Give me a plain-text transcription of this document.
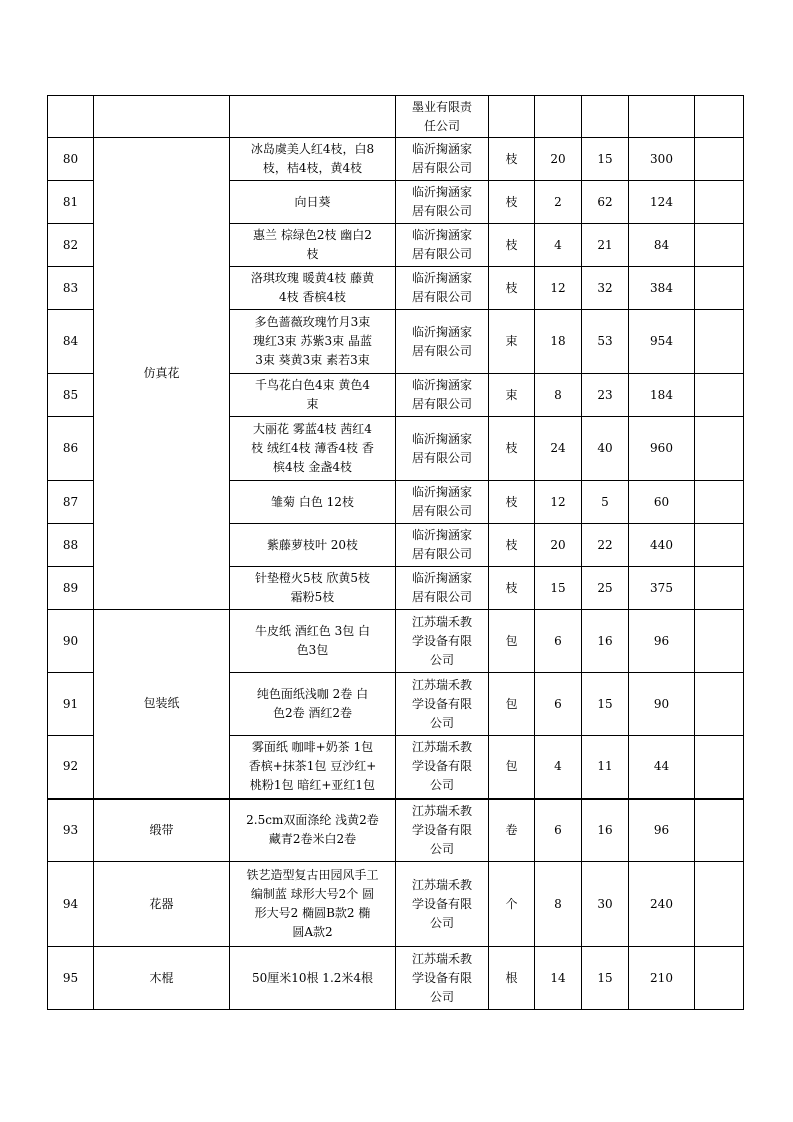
			墨业有限责
任公司					
80	仿真花	冰岛虞美人红4枝，白8
枝，桔4枝，黄4枝	临沂掬涵家
居有限公司	枝	20	15	300	
81		向日葵	临沂掬涵家
居有限公司	枝	2	62	124	
82		惠兰 棕绿色2枝 幽白2
枝	临沂掬涵家
居有限公司	枝	4	21	84	
83		洛琪玫瑰 暖黄4枝 藤黄
4枝 香槟4枝	临沂掬涵家
居有限公司	枝	12	32	384	
84		多色蔷薇玫瑰竹月3束
瑰红3束 苏紫3束 晶蓝
3束 葵黄3束 素若3束	临沂掬涵家
居有限公司	束	18	53	954	
85		千鸟花白色4束 黄色4
束	临沂掬涵家
居有限公司	束	8	23	184	
86		大丽花 雾蓝4枝 茜红4
枝 绒红4枝 薄香4枝 香
槟4枝 金盏4枝	临沂掬涵家
居有限公司	枝	24	40	960	
87		雏菊 白色 12枝	临沂掬涵家
居有限公司	枝	12	5	60	
88		紫藤萝枝叶 20枝	临沂掬涵家
居有限公司	枝	20	22	440	
89		针垫橙火5枝 欣黄5枝
霜粉5枝	临沂掬涵家
居有限公司	枝	15	25	375	
90	包装纸	牛皮纸 酒红色 3包 白
色3包	江苏瑞禾教
学设备有限
公司	包	6	16	96	
91		纯色面纸浅咖 2卷 白
色2卷 酒红2卷	江苏瑞禾教
学设备有限
公司	包	6	15	90	
92		雾面纸 咖啡+奶茶 1包
香槟+抹茶1包 豆沙红+
桃粉1包 暗红+亚红1包	江苏瑞禾教
学设备有限
公司	包	4	11	44	
93	缎带	2.5cm双面涤纶 浅黄2卷
藏青2卷米白2卷	江苏瑞禾教
学设备有限
公司	卷	6	16	96	
94	花器	铁艺造型复古田园风手工
编制蓝 球形大号2个 圆
形大号2 椭圆B款2 椭
圆A款2	江苏瑞禾教
学设备有限
公司	个	8	30	240	
95	木棍	50厘米10根 1.2米4根	江苏瑞禾教
学设备有限
公司	根	14	15	210	
